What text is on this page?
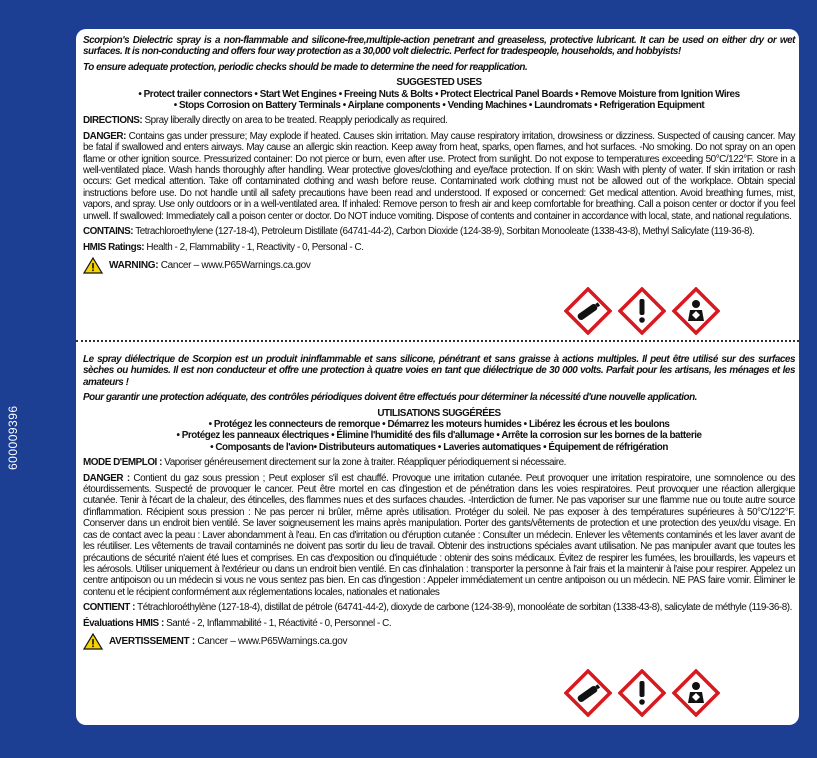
600009396
Scorpion's Dielectric spray is a non-flammable and silicone-free,multiple-action penetrant and greaseless, protective lubricant. It can be used on either dry or wet surfaces. It is non-conducting and offers four way protection as a 30,000 volt dielectric. Perfect for tradespeople, households, and hobbyists!
To ensure adequate protection, periodic checks should be made to determine the need for reapplication.
SUGGESTED USES
• Protect trailer connectors • Start Wet Engines • Freeing Nuts & Bolts • Protect Electrical Panel Boards • Remove Moisture from Ignition Wires
• Stops Corrosion on Battery Terminals • Airplane components • Vending Machines • Laundromats • Refrigeration Equipment
DIRECTIONS: Spray liberally directly on area to be treated. Reapply periodically as required.
DANGER: Contains gas under pressure; May explode if heated. Causes skin irritation. May cause respiratory irritation, drowsiness or dizziness. Suspected of causing cancer. May be fatal if swallowed and enters airways. May cause an allergic skin reaction. Keep away from heat, sparks, open flames, and hot surfaces. -No smoking. Do not spray on an open flame or other ignition source. Pressurized container: Do not pierce or burn, even after use. Protect from sunlight. Do not expose to temperatures exceeding 50°C/122°F. Store in a well-ventilated place. Wash hands thoroughly after handling. Wear protective gloves/clothing and eye/face protection. If on skin: Wash with plenty of water. If skin irritation or rash occurs: Get medical attention. Take off contaminated clothing and wash before reuse. Contaminated work clothing must not be allowed out of the workplace. Obtain special instructions before use. Do not handle until all safety precautions have been read and understood. If exposed or concerned: Get medical attention. Avoid breathing fumes, mist, vapors, and spray. Use only outdoors or in a well-ventilated area. If inhaled: Remove person to fresh air and keep comfortable for breathing. Call a poison center or doctor if you feel unwell. If swallowed: Immediately call a poison center or doctor. Do NOT induce vomiting. Dispose of contents and container in accordance with local, state, and national regulations.
CONTAINS: Tetrachloroethylene (127-18-4), Petroleum Distillate (64741-44-2), Carbon Dioxide (124-38-9), Sorbitan Monooleate (1338-43-8), Methyl Salicylate (119-36-8).
HMIS Ratings: Health - 2, Flammability - 1, Reactivity - 0, Personal - C.
WARNING: Cancer – www.P65Warnings.ca.gov
Le spray diélectrique de Scorpion est un produit ininflammable et sans silicone, pénétrant et sans graisse à actions multiples. Il peut être utilisé sur des surfaces sèches ou humides. Il est non conducteur et offre une protection à quatre voies en tant que diélectrique de 30 000 volts. Parfait pour les artisans, les ménages et les amateurs !
Pour garantir une protection adéquate, des contrôles périodiques doivent être effectués pour déterminer la nécessité d'une nouvelle application.
UTILISATIONS SUGGÉRÉES
• Protégez les connecteurs de remorque • Démarrez les moteurs humides • Libérez les écrous et les boulons
• Protégez les panneaux électriques • Élimine l'humidité des fils d'allumage • Arrête la corrosion sur les bornes de la batterie
• Composants de l'avion• Distributeurs automatiques • Laveries automatiques • Équipement de réfrigération
MODE D'EMPLOI : Vaporiser généreusement directement sur la zone à traiter. Réappliquer périodiquement si nécessaire.
DANGER : Contient du gaz sous pression ; Peut exploser s'il est chauffé. Provoque une irritation cutanée. Peut provoquer une irritation respiratoire, une somnolence ou des étourdissements. Suspecté de provoquer le cancer. Peut être mortel en cas d'ingestion et de pénétration dans les voies respiratoires. Peut provoquer une réaction allergique cutanée. Tenir à l'écart de la chaleur, des étincelles, des flammes nues et des surfaces chaudes. -Interdiction de fumer. Ne pas vaporiser sur une flamme nue ou toute autre source d'inflammation. Récipient sous pression : Ne pas percer ni brûler, même après utilisation. Protéger du soleil. Ne pas exposer à des températures supérieures à 50°C/122°F. Conserver dans un endroit bien ventilé. Se laver soigneusement les mains après manipulation. Porter des gants/vêtements de protection et une protection des yeux/du visage. En cas de contact avec la peau : Laver abondamment à l'eau. En cas d'irritation ou d'éruption cutanée : Consulter un médecin. Enlever les vêtements contaminés et les laver avant de les réutiliser. Les vêtements de travail contaminés ne doivent pas sortir du lieu de travail. Obtenir des instructions spéciales avant utilisation. Ne pas manipuler avant que toutes les précautions de sécurité n'aient été lues et comprises. En cas d'exposition ou d'inquiétude : obtenir des soins médicaux. Évitez de respirer les fumées, les brouillards, les vapeurs et les aérosols. Utiliser uniquement à l'extérieur ou dans un endroit bien ventilé. En cas d'inhalation : transporter la personne à l'air frais et la maintenir à l'aise pour respirer. Appelez un centre antipoison ou un médecin si vous ne vous sentez pas bien. En cas d'ingestion : Appeler immédiatement un centre antipoison ou un médecin. NE PAS faire vomir. Éliminer le contenu et le récipient conformément aux réglementations locales, nationales et nationales
CONTIENT : Tétrachloroéthylène (127-18-4), distillat de pétrole (64741-44-2), dioxyde de carbone (124-38-9), monooléate de sorbitan (1338-43-8), salicylate de méthyle (119-36-8).
Évaluations HMIS : Santé - 2, Inflammabilité - 1, Réactivité - 0, Personnel - C.
AVERTISSEMENT : Cancer – www.P65Warnings.ca.gov
